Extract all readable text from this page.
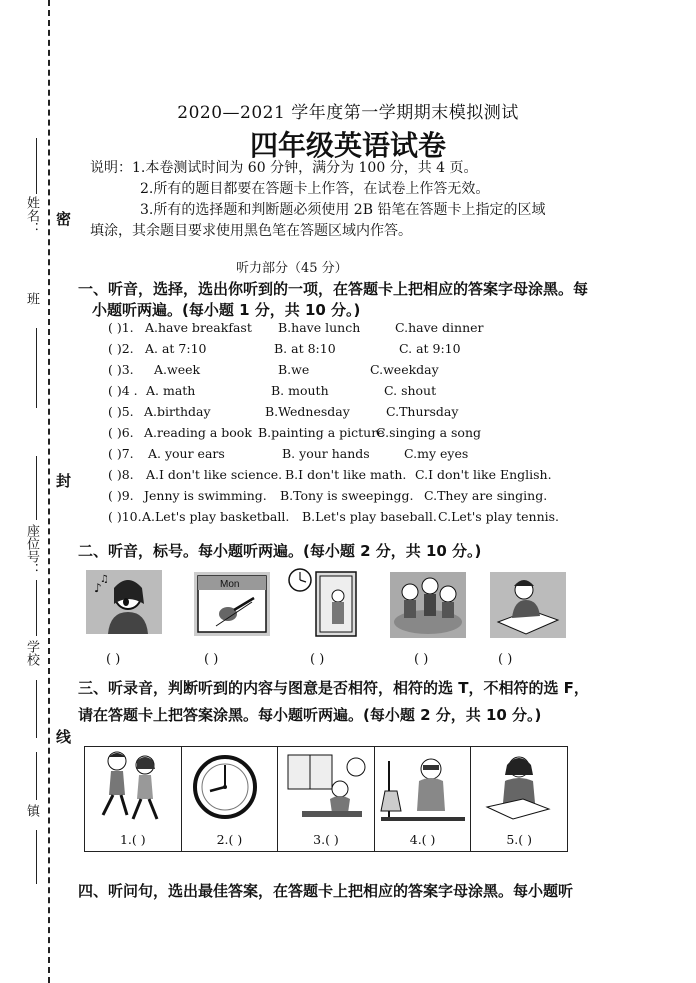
姓名：
班
座位号：
学校
镇
密
封
线
2020—2021 学年度第一学期期末模拟测试
四年级英语试卷
说明：1.本卷测试时间为 60 分钟，满分为 100 分，共 4 页。
2.所有的题目都要在答题卡上作答，在试卷上作答无效。
3.所有的选择题和判断题必须使用 2B 铅笔在答题卡上指定的区域
填涂，其余题目要求使用黑色笔在答题区域内作答。
听力部分（45 分）
一、听音，选择，选出你听到的一项，在答题卡上把相应的答案字母涂黑。每
小题听两遍。(每小题 1 分，共 10 分。)
( )1. A.have breakfast B.have lunch	C.have dinner
( )2. A. at 7:10	B. at 8:10	C. at 9:10
( )3. A.week	B.we	C.weekday
( )4 . A. math	B. mouth	C. shout
( )5. A.birthday	B.Wednesday	C.Thursday
( )6. A.reading a book B.painting a picture
C.singing a song
( )7. A. your ears	B. your hands	C.my eyes
( )8. A.I don't like science. B.I don't like math. C.I don't like English.
( )9. Jenny is swimming. B.Tony is sweepingg. C.They are singing.
( )10. A.Let's play basketball. B.Let's play baseball. C.Let's play tennis.
二、听音，标号。每小题听两遍。(每小题 2 分，共 10 分。)
♪
♫	Mon
( )	( )	( )	( )	( )
三、听录音，判断听到的内容与图意是否相符，相符的选 T，不相符的选 F，
请在答题卡上把答案涂黑。每小题听两遍。(每小题 2 分，共 10 分。)
1.( )	2.( )	3.( )	4.( )	5.( )
四、听问句，选出最佳答案，在答题卡上把相应的答案字母涂黑。每小题听
